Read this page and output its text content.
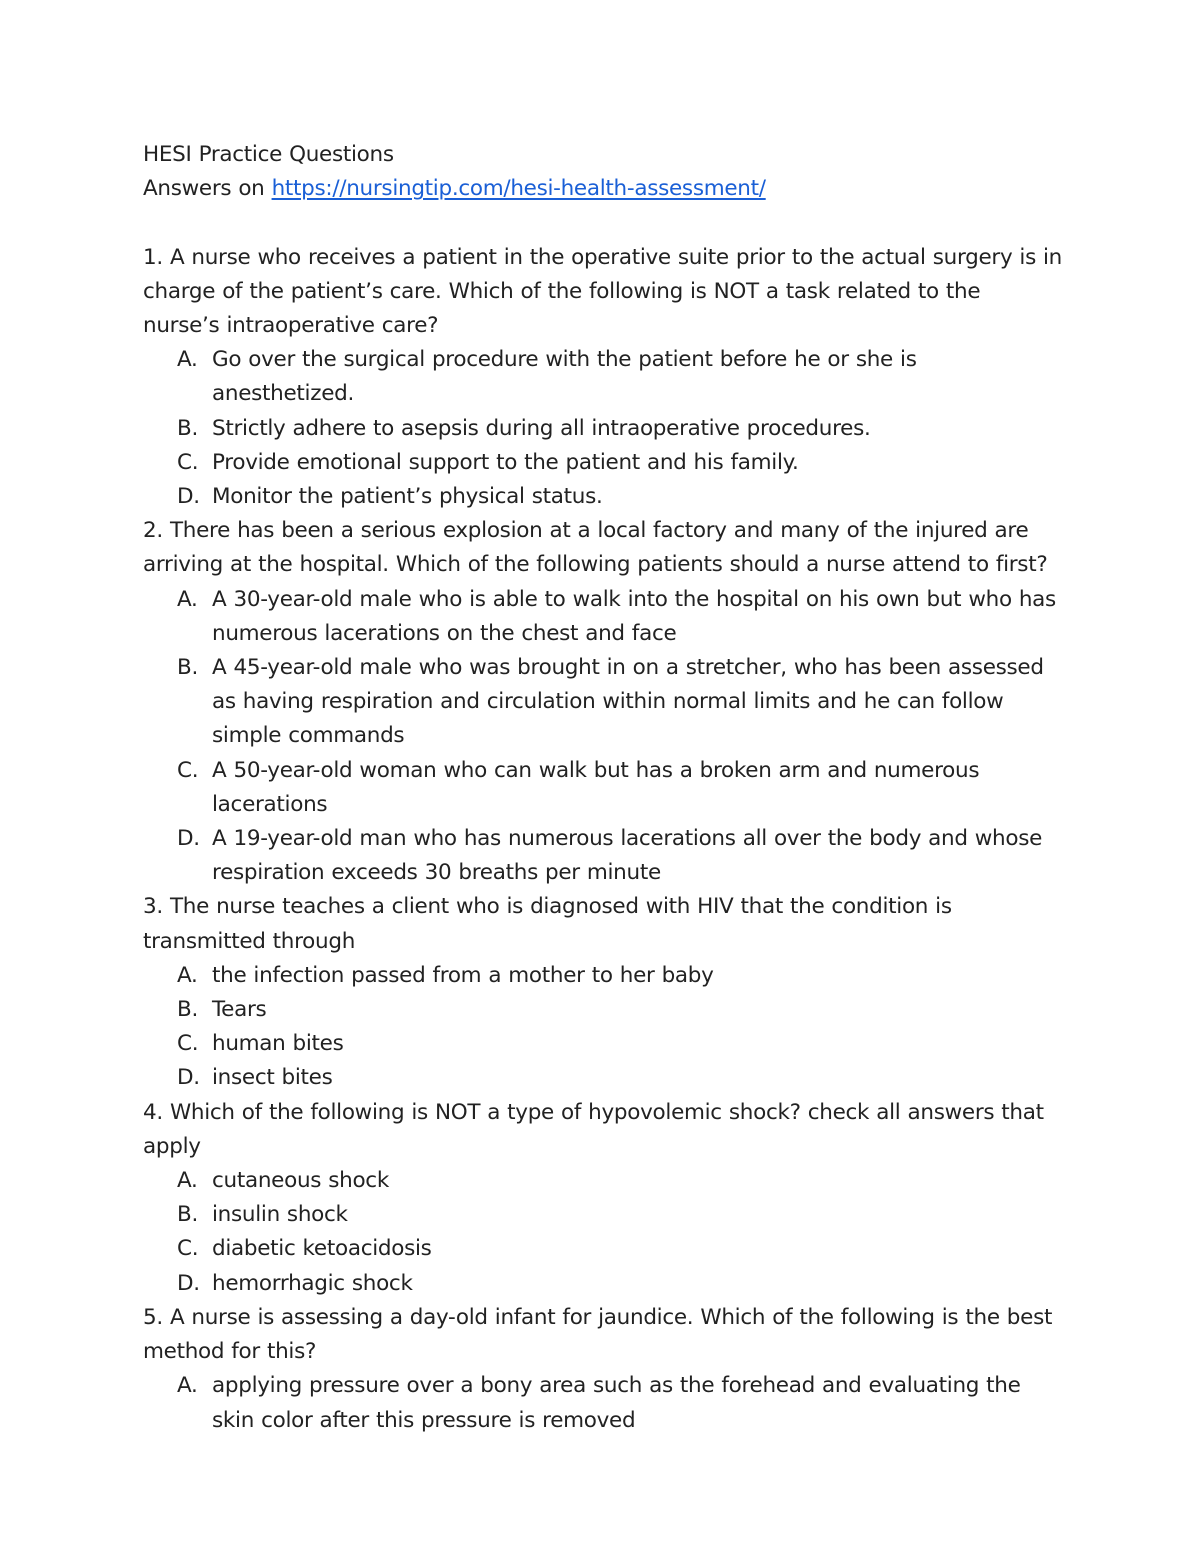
HESI Practice Questions

Answers on https://nursingtip.com/hesi-health-assessment/

1. A nurse who receives a patient in the operative suite prior to the actual surgery is in charge of the patient’s care. Which of the following is NOT a task related to the nurse’s intraoperative care?

A. Go over the surgical procedure with the patient before he or she is anesthetized.
B. Strictly adhere to asepsis during all intraoperative procedures.
C. Provide emotional support to the patient and his family.
D. Monitor the patient’s physical status.

2. There has been a serious explosion at a local factory and many of the injured are arriving at the hospital. Which of the following patients should a nurse attend to first?

A. A 30-year-old male who is able to walk into the hospital on his own but who has numerous lacerations on the chest and face
B. A 45-year-old male who was brought in on a stretcher, who has been assessed as having respiration and circulation within normal limits and he can follow simple commands
C. A 50-year-old woman who can walk but has a broken arm and numerous lacerations
D. A 19-year-old man who has numerous lacerations all over the body and whose respiration exceeds 30 breaths per minute

3. The nurse teaches a client who is diagnosed with HIV that the condition is transmitted through

A. the infection passed from a mother to her baby
B. Tears
C. human bites
D. insect bites

4. Which of the following is NOT a type of hypovolemic shock? check all answers that apply

A. cutaneous shock
B. insulin shock
C. diabetic ketoacidosis
D. hemorrhagic shock

5. A nurse is assessing a day-old infant for jaundice. Which of the following is the best method for this?

A. applying pressure over a bony area such as the forehead and evaluating the skin color after this pressure is removed
